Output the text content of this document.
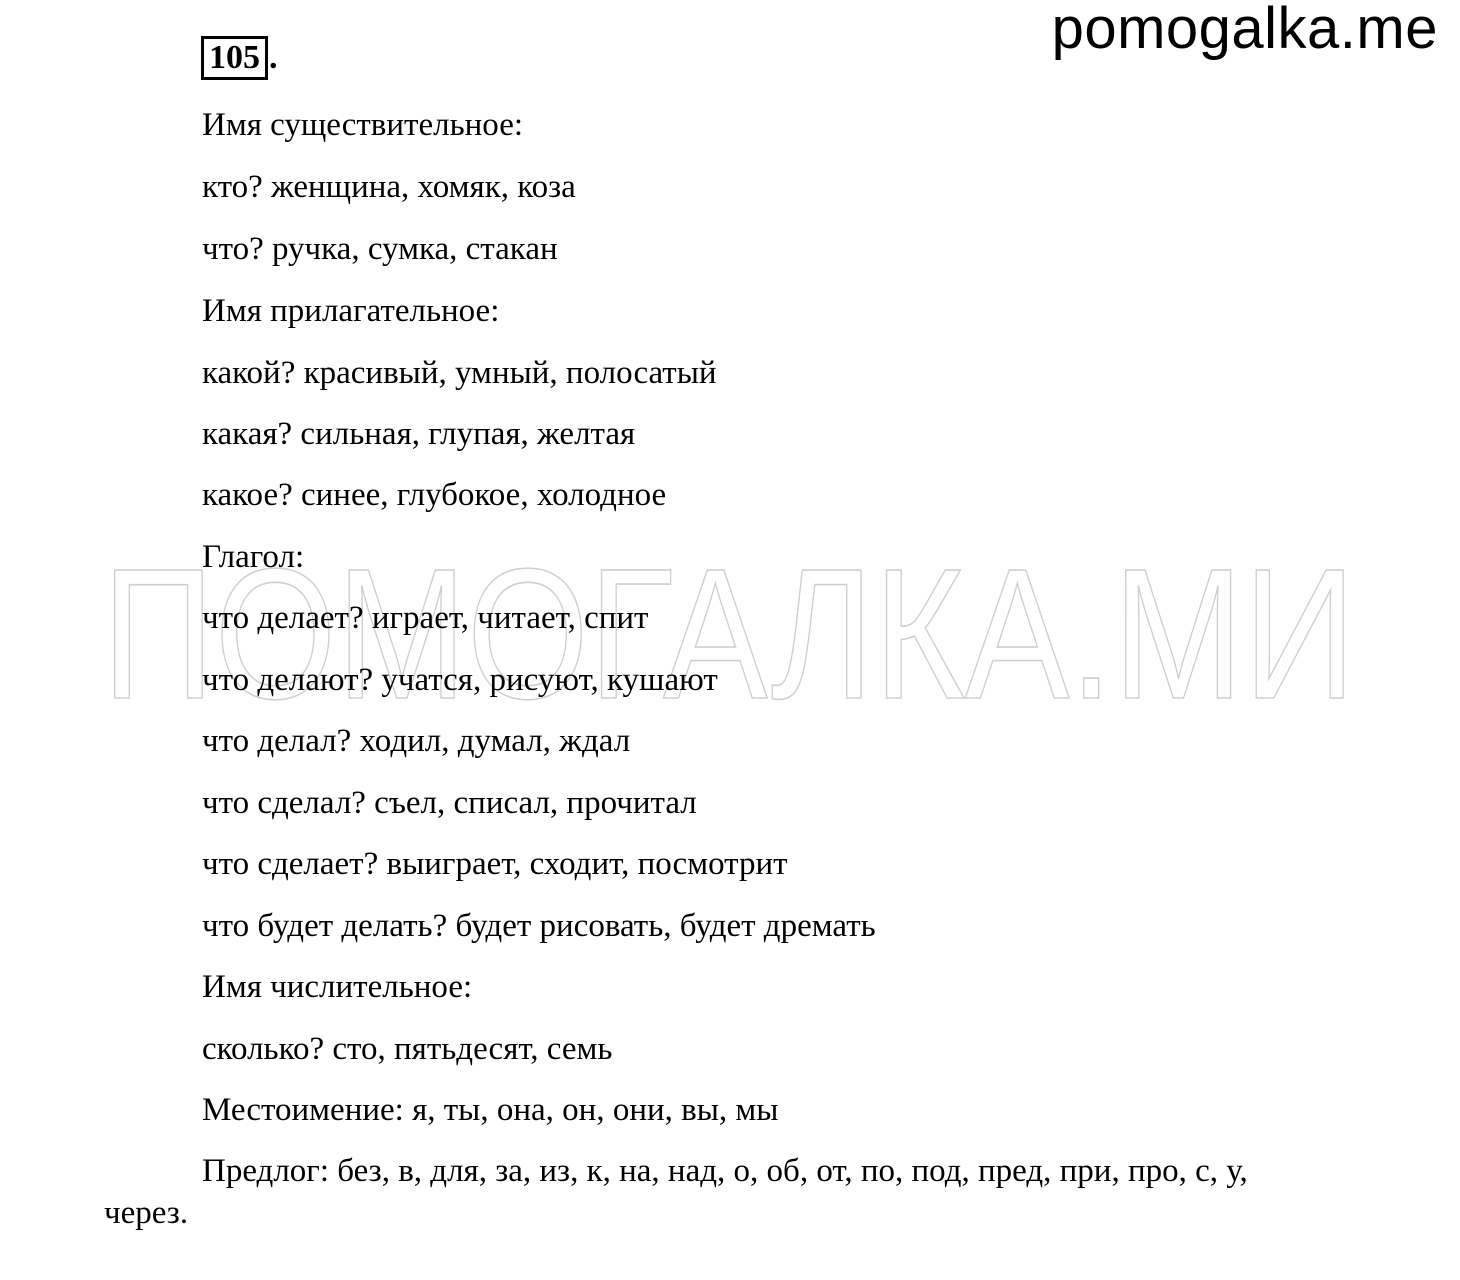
pomogalka.me
ПОМОГАЛКА.МИ
105 .
Имя существительное:
кто? женщина, хомяк, коза
что? ручка, сумка, стакан
Имя прилагательное:
какой? красивый, умный, полосатый
какая? сильная, глупая, желтая
какое? синее, глубокое, холодное
Глагол:
что делает? играет, читает, спит
что делают? учатся, рисуют, кушают
что делал? ходил, думал, ждал
что сделал? съел, списал, прочитал
что сделает? выиграет, сходит, посмотрит
что будет делать? будет рисовать, будет дремать
Имя числительное:
сколько? сто, пятьдесят, семь
Местоимение: я, ты, она, он, они, вы, мы
Предлог: без, в, для, за, из, к, на, над, о, об, от, по, под, пред, при, про, с, у, через.
